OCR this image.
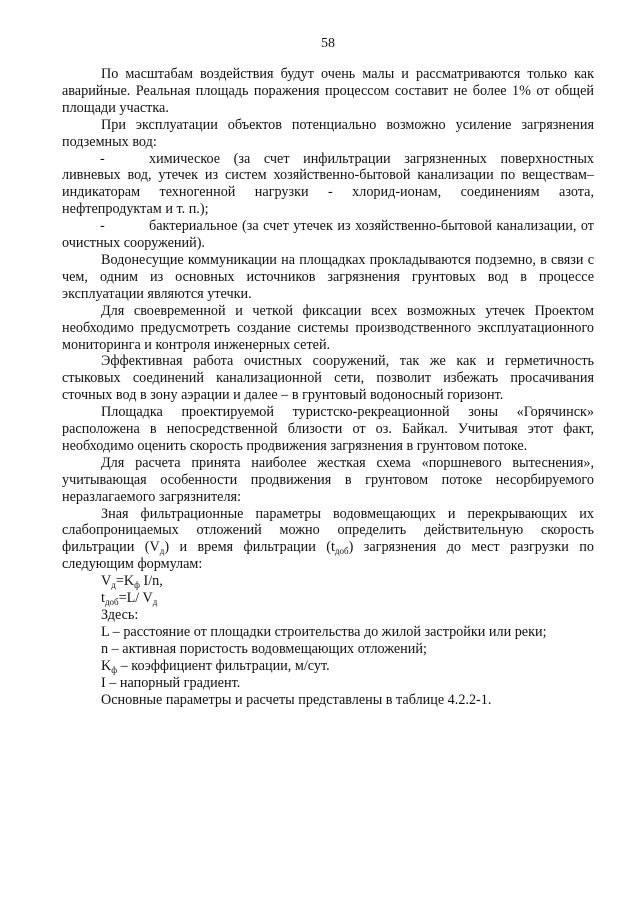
58

По масштабам воздействия будут очень малы и рассматриваются только как аварийные. Реальная площадь поражения процессом составит не более 1% от общей площади участка.

При эксплуатации объектов потенциально возможно усиление загрязнения подземных вод:

-	химическое (за счет инфильтрации загрязненных поверхностных ливневых вод, утечек из систем хозяйственно-бытовой канализации по веществам–индикаторам техногенной нагрузки - хлорид-ионам, соединениям азота, нефтепродуктам и т. п.);

-	бактериальное (за счет утечек из хозяйственно-бытовой канализации, от очистных сооружений).

Водонесущие коммуникации на площадках прокладываются подземно, в связи с чем, одним из основных источников загрязнения грунтовых вод в процессе эксплуатации являются утечки.

Для своевременной и четкой фиксации всех возможных утечек Проектом необходимо предусмотреть создание системы производственного эксплуатационного мониторинга и контроля инженерных сетей.

Эффективная работа очистных сооружений, так же как и герметичность стыковых соединений канализационной сети, позволит избежать просачивания сточных вод в зону аэрации и далее – в грунтовый водоносный горизонт.

Площадка проектируемой туристско-рекреационной зоны «Горячинск» расположена в непосредственной близости от оз. Байкал. Учитывая этот факт, необходимо оценить скорость продвижения загрязнения в грунтовом потоке.

Для расчета принята наиболее жесткая схема «поршневого вытеснения», учитывающая особенности продвижения в грунтовом потоке несорбируемого неразлагаемого загрязнителя:

Зная фильтрационные параметры водовмещающих и перекрывающих их слабопроницаемых отложений можно определить действительную скорость фильтрации $(V_д)$ и время фильтрации $(t_{доб})$ загрязнения до мест разгрузки по следующим формулам:

$V_д=K_ф$ I/n,

$t_{доб}=L/$ $V_д$

Здесь:

L – расстояние от площадки строительства до жилой застройки или реки;

n – активная пористость водовмещающих отложений;

$K_ф$ – коэффициент фильтрации, м/сут.

I – напорный градиент.

Основные параметры и расчеты представлены в таблице 4.2.2-1.
